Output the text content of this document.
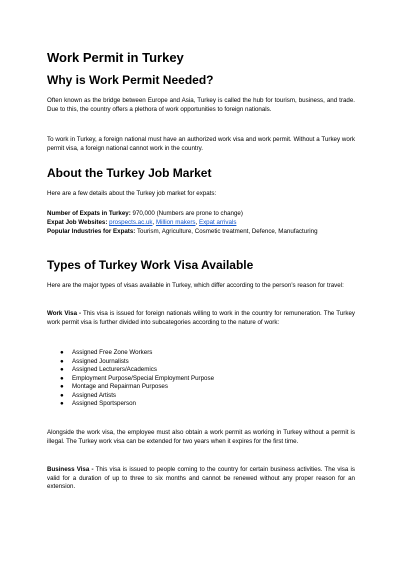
Work Permit in Turkey
Why is Work Permit Needed?

Often known as the bridge between Europe and Asia, Turkey is called the hub for tourism, business, and trade. Due to this, the country offers a plethora of work opportunities to foreign nationals.

To work in Turkey, a foreign national must have an authorized work visa and work permit. Without a Turkey work permit visa, a foreign national cannot work in the country.

About the Turkey Job Market

Here are a few details about the Turkey job market for expats:

Number of Expats in Turkey: 970,000 (Numbers are prone to change)

Expat Job Websites: prospects.ac.uk, Million makers, Expat arrivals

Popular Industries for Expats: Tourism, Agriculture, Cosmetic treatment, Defence, Manufacturing

Types of Turkey Work Visa Available

Here are the major types of visas available in Turkey, which differ according to the person’s reason for travel:

Work Visa - This visa is issued for foreign nationals willing to work in the country for remuneration. The Turkey work permit visa is further divided into subcategories according to the nature of work:

● Assigned Free Zone Workers
● Assigned Journalists
● Assigned Lecturers/Academics
● Employment Purpose/Special Employment Purpose
● Montage and Repairman Purposes
● Assigned Artists
● Assigned Sportsperson

Alongside the work visa, the employee must also obtain a work permit as working in Turkey without a permit is illegal. The Turkey work visa can be extended for two years when it expires for the first time.

Business Visa - This visa is issued to people coming to the country for certain business activities. The visa is valid for a duration of up to three to six months and cannot be renewed without any proper reason for an extension.
